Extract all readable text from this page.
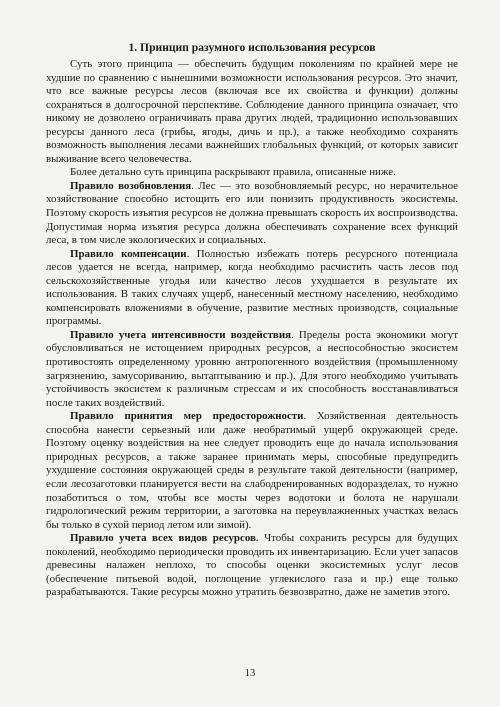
1. Принцип разумного использования ресурсов

Суть этого принципа — обеспечить будущим поколениям по крайней мере не худшие по сравнению с нынешними возможности использования ресурсов. Это значит, что все важные ресурсы лесов (включая все их свойства и функции) должны сохраняться в долгосрочной перспективе. Соблюдение данного принципа означает, что никому не дозволено ограничивать права других людей, традиционно использовавших ресурсы данного леса (грибы, ягоды, дичь и пр.), а также необходимо сохранять возможность выполнения лесами важнейших глобальных функций, от которых зависит выживание всего человечества.

Более детально суть принципа раскрывают правила, описанные ниже.

Правило возобновления. Лес — это возобновляемый ресурс, но нерачительное хозяйствование способно истощить его или понизить продуктивность экосистемы. Поэтому скорость изъятия ресурсов не должна превышать скорость их воспроизводства. Допустимая норма изъятия ресурса должна обеспечивать сохранение всех функций леса, в том числе экологических и социальных.

Правило компенсации. Полностью избежать потерь ресурсного потенциала лесов удается не всегда, например, когда необходимо расчистить часть лесов под сельскохозяйственные угодья или качество лесов ухудшается в результате их использования. В таких случаях ущерб, нанесенный местному населению, необходимо компенсировать вложениями в обучение, развитие местных производств, социальные программы.

Правило учета интенсивности воздействия. Пределы роста экономики могут обусловливаться не истощением природных ресурсов, а неспособностью экосистем противостоять определенному уровню антропогенного воздействия (промышленному загрязнению, замусориванию, вытаптыванию и пр.). Для этого необходимо учитывать устойчивость экосистем к различным стрессам и их способность восстанавливаться после таких воздействий.

Правило принятия мер предосторожности. Хозяйственная деятельность способна нанести серьезный или даже необратимый ущерб окружающей среде. Поэтому оценку воздействия на нее следует проводить еще до начала использования природных ресурсов, а также заранее принимать меры, способные предупредить ухудшение состояния окружающей среды в результате такой деятельности (например, если лесозаготовки планируется вести на слабодренированных водоразделах, то нужно позаботиться о том, чтобы все мосты через водотоки и болота не нарушали гидрологический режим территории, а заготовка на переувлажненных участках велась бы только в сухой период летом или зимой).

Правило учета всех видов ресурсов. Чтобы сохранить ресурсы для будущих поколений, необходимо периодически проводить их инвентаризацию. Если учет запасов древесины налажен неплохо, то способы оценки экосистемных услуг лесов (обеспечение питьевой водой, поглощение углекислого газа и пр.) еще только разрабатываются. Такие ресурсы можно утратить безвозвратно, даже не заметив этого.

13
